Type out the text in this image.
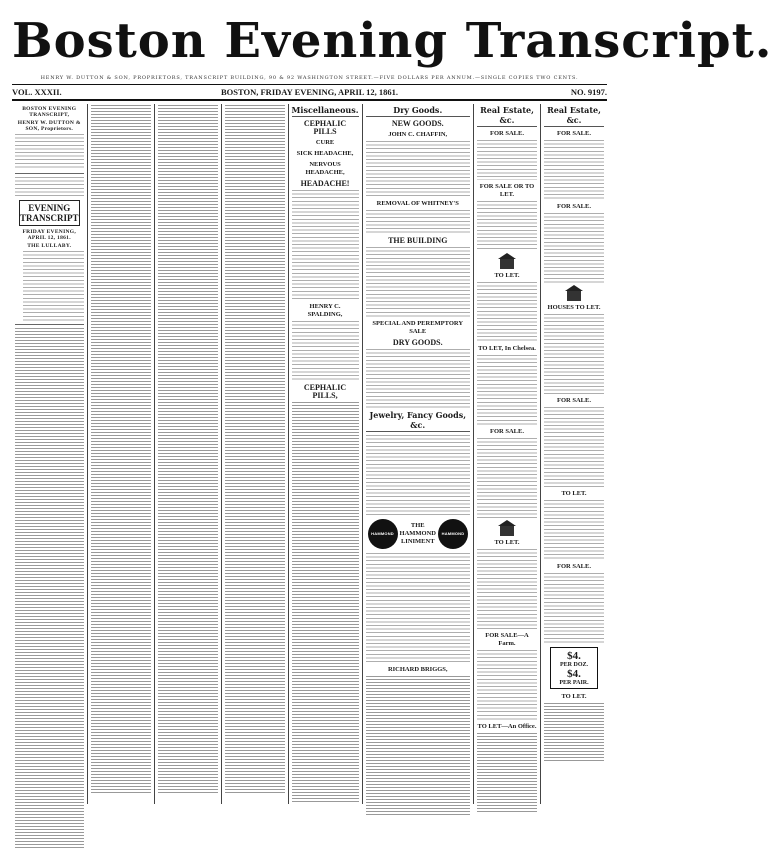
Boston Evening Transcript.
HENRY W. DUTTON & SON, PROPRIETORS, TRANSCRIPT BUILDING, 90 & 92 WASHINGTON STREET.—FIVE DOLLARS PER ANNUM.—SINGLE COPIES TWO CENTS.
VOL. XXXII.	BOSTON, FRIDAY EVENING, APRIL 12, 1861.	NO. 9197.
BOSTON EVENING TRANSCRIPT,
HENRY W. DUTTON & SON, Proprietors.
EVENING TRANSCRIPT
FRIDAY EVENING, APRIL 12, 1861.
THE LULLABY.
Miscellaneous.
CEPHALIC PILLS
CURE
SICK HEADACHE,
NERVOUS HEADACHE,
HEADACHE!
HENRY C. SPALDING,
CEPHALIC PILLS,
Dry Goods.
NEW GOODS.
JOHN C. CHAFFIN,
REMOVAL OF WHITNEY'S
THE BUILDING
SPECIAL AND PEREMPTORY SALE
DRY GOODS.
Jewelry, Fancy Goods, &c.
HAMMOND
THE HAMMOND LINIMENT
HAMMOND
RICHARD BRIGGS,
Real Estate, &c.
FOR SALE.
FOR SALE OR TO LET.
TO LET.
TO LET, In Chelsea.
FOR SALE.
TO LET.
FOR SALE—A Farm.
TO LET—An Office.
Real Estate, &c.
FOR SALE.
FOR SALE.
HOUSES TO LET.
FOR SALE.
TO LET.
FOR SALE.
$4.
PER DOZ.
$4.
PER PAIR.
TO LET.
